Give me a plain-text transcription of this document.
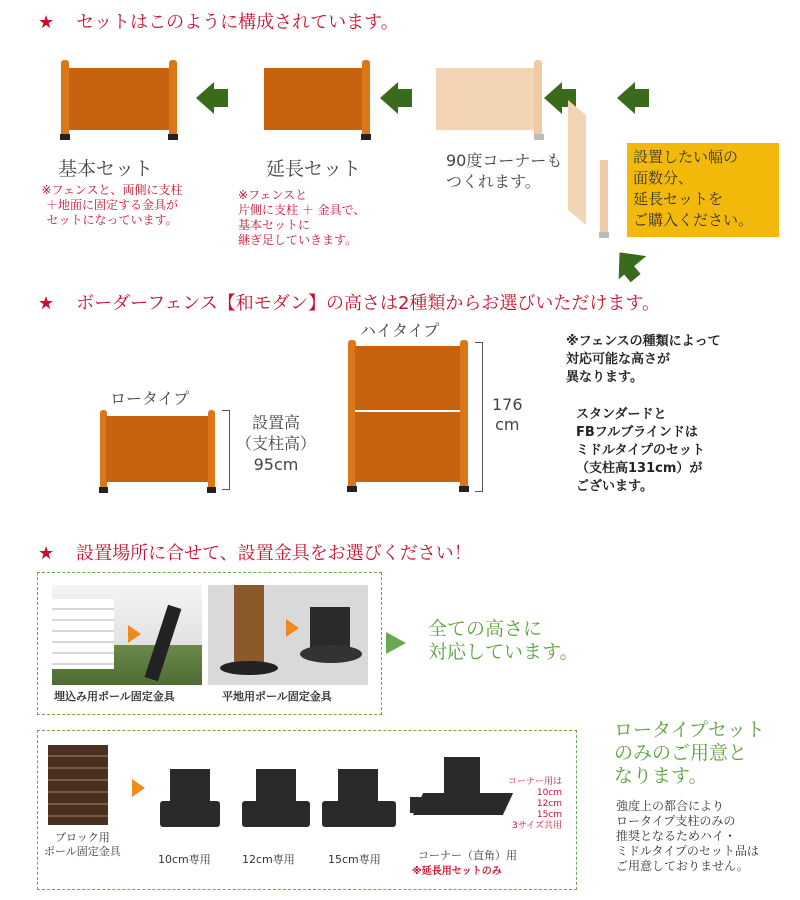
★ セットはこのように構成されています。
基本セット
※フェンスと、両側に支柱
＋地面に固定する金具が
セットになっています。
延長セット
※フェンスと
片側に支柱 ＋ 金具で、
基本セットに
継ぎ足していきます。
90度コーナーも
つくれます。
設置したい幅の
面数分、
延長セットを
ご購入ください。
★ ボーダーフェンス【和モダン】の高さは2種類からお選びいただけます。
ロータイプ
設置高
（支柱高）
95cm
ハイタイプ
176
cm
※フェンスの種類によって
対応可能な高さが
異なります。
スタンダードと
FBフルブラインドは
ミドルタイプのセット
（支柱高131cm）が
ございます。
★ 設置場所に合せて、設置金具をお選びください！
埋込み用ポール固定金具	平地用ポール固定金具
全ての高さに
対応しています。
ブロック用
ポール固定金具
10cm専用	12cm専用	15cm専用	コーナー（直角）用
※延長用セットのみ
コーナー用は
10cm
12cm
15cm
3サイズ共用
ロータイプセット
のみのご用意と
なります。
強度上の都合により
ロータイプ支柱のみの
推奨となるためハイ・
ミドルタイプのセット品は
ご用意しておりません。
